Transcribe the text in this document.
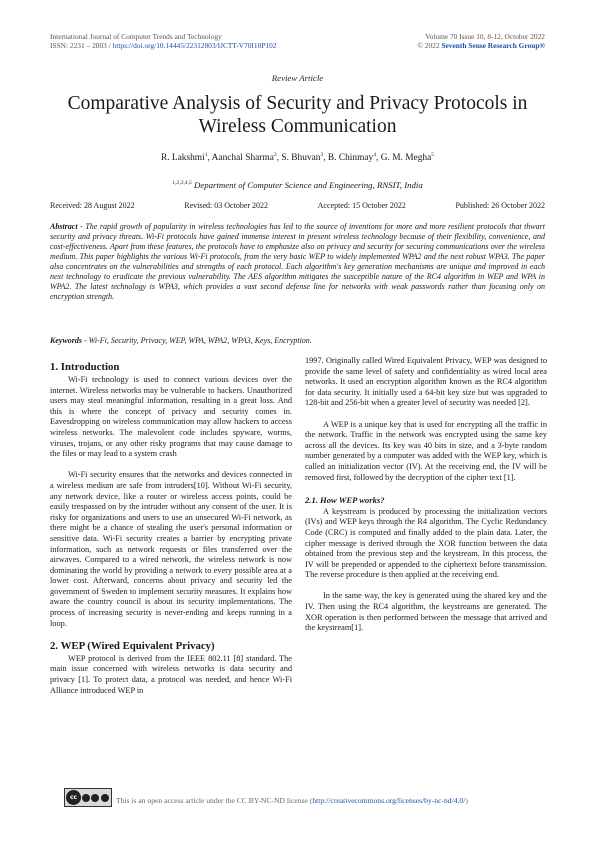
International Journal of Computer Trends and Technology
ISSN: 2231 – 2803 / https://doi.org/10.14445/22312803/IJCTT-V70I10P102
Volume 70 Issue 10, 8-12, October 2022
© 2022 Seventh Sense Research Group®
Review Article
Comparative Analysis of Security and Privacy Protocols in Wireless Communication
R. Lakshmi$^1$, Aanchal Sharma$^2$, S. Bhuvan$^3$, B. Chinmay$^4$, G. M. Megha$^5$
$^{1,2,3,4,5}$ Department of Computer Science and Engineering, RNSIT, India
Received: 28 August 2022	Revised: 03 October 2022	Accepted: 15 October 2022	Published: 26 October 2022
Abstract - The rapid growth of popularity in wireless technologies has led to the source of inventions for more and more resilient protocols that thwart security and privacy threats. Wi-Fi protocols have gained immense interest in present wireless technology because of their flexibility, convenience, and cost-effectiveness. Apart from these features, the protocols have to emphasize also on privacy and security for securing communications over the wireless medium. This paper highlights the various Wi-Fi protocols, from the very basic WEP to widely implemented WPA2 and the next robust WPA3. The paper also concentrates on the vulnerabilities and strengths of each protocol. Each algorithm's key generation mechanisms are unique and improved in each next technology to eradicate the previous vulnerability. The AES algorithm mitigates the susceptible nature of the RC4 algorithm in WEP and WPA in WPA2. The latest technology is WPA3, which provides a vast second defense line for networks with weak passwords rather than focusing only on encryption strength.
Keywords - Wi-Fi, Security, Privacy, WEP, WPA, WPA2, WPA3, Keys, Encryption.
1. Introduction

Wi-Fi technology is used to connect various devices over the internet. Wireless networks may be vulnerable to hackers. Unauthorized users may steal meaningful information, resulting in a great loss. And this is where the concept of privacy and security comes in. Eavesdropping on wireless communication may allow hackers to access wireless networks. The malevolent code includes spyware, worms, viruses, trojans, or any other risky programs that may cause damage to the files or may lead to a system crash

Wi-Fi security ensures that the networks and devices connected in a wireless medium are safe from intruders[10]. Without Wi-Fi security, any network device, like a router or wireless access points, could be easily trespassed on by the intruder without any consent of the user. It is risky for organizations and users to use an unsecured Wi-Fi network, as there might be a chance of stealing the user's personal information or sensitive data. Wi-Fi security creates a barrier by encrypting private information, such as network requests or files transferred over the airwaves. Compared to a wired network, the wireless network is now dominating the world by providing a network to every possible area at a lower cost. Afterward, concerns about privacy and security led the government of Sweden to implement security measures. It explains how aware the country council is about its security implementations. The process of increasing security is never-ending and keeps running in a loop.

2. WEP (Wired Equivalent Privacy)

WEP protocol is derived from the IEEE 802.11 [8] standard. The main issue concerned with wireless networks is data security and privacy [1]. To protect data, a protocol was needed, and hence Wi-Fi Alliance introduced WEP in

1997. Originally called Wired Equivalent Privacy, WEP was designed to provide the same level of safety and confidentiality as wired local area networks. It used an encryption algorithm known as the RC4 algorithm for data security. It initially used a 64-bit key size but was upgraded to 128-bit and 256-bit when a greater level of security was needed [2].

A WEP is a unique key that is used for encrypting all the traffic in the network. Traffic in the network was encrypted using the same key across all the devices. Its key was 40 bits in size, and a 3-byte random number generated by a computer was added with the WEP key, which is called an initialization vector (IV). At the receiving end, the IV will be removed first, followed by the decryption of the cipher text [1].

2.1. How WEP works?

A keystream is produced by processing the initialization vectors (IVs) and WEP keys through the R4 algorithm. The Cyclic Redundancy Code (CRC) is computed and finally added to the plain data. Later, the cipher message is derived through the XOR function between the data obtained from the previous step and the keystream. In this process, the IV will be prepended or appended to the ciphertext before transmission. The reverse procedure is then applied at the receiving end.

In the same way, the key is generated using the shared key and the IV. Then using the RC4 algorithm, the keystreams are generated. The XOR operation is then performed between the message that arrived and the keystream[1].

cc	This is an open access article under the CC BY-NC-ND license (http://creativecommons.org/licenses/by-nc-nd/4.0/)
